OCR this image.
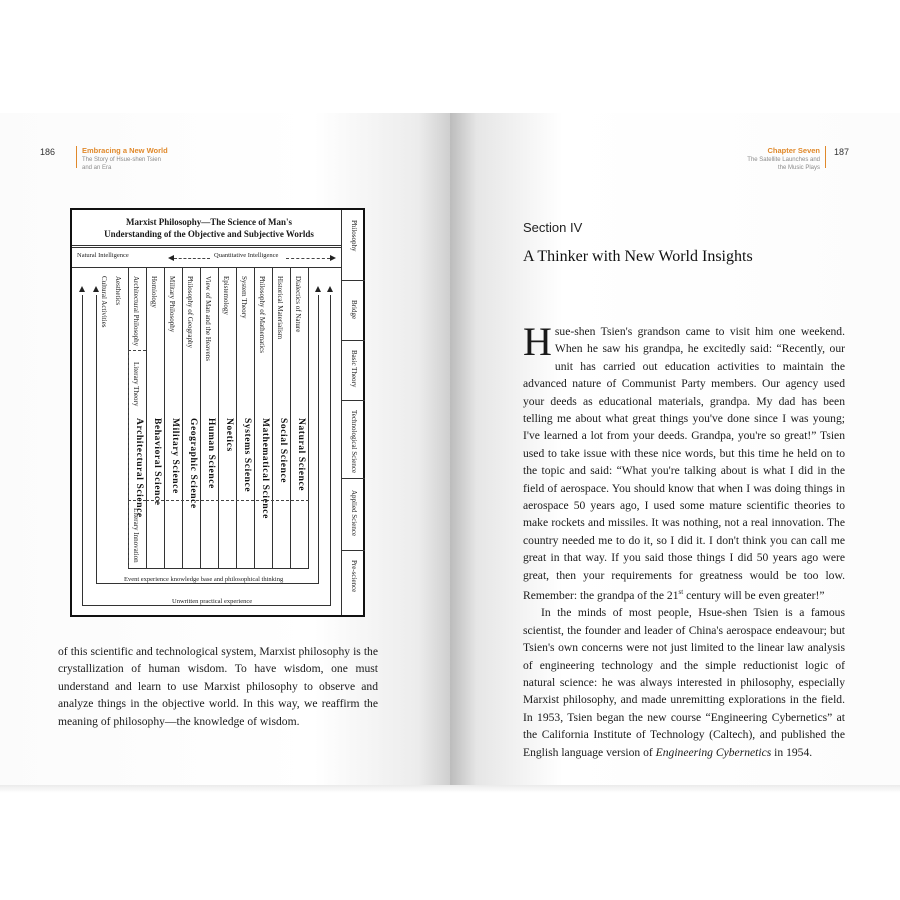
186	Embracing a New World
The Story of Hsue-shen Tsien
and an Era
Chapter Seven
The Satellite Launches and
the Music Plays
187
Marxist Philosophy—The Science of Man's
Understanding of the Objective and Subjective Worlds	Philosophy
Bridge
Basic Theory
Technological Science
Applied Science
Pre-science
Natural Intelligence	Quantitative Intelligence
Dialectics of Nature
Historical Materialism
Philosophy of Mathematics
System Theory
Epistemology
View of Man and the Heavens
Philosophy of Geography
Military Philosophy
Homiology
Architectural Philosophy
Aesthetics
Cultural Activities
Natural Science
Social Science
Mathematical Science
Systems Science
Noetics
Human Science
Geographic Science
Military Science
Behavioral Science
Architectural Science
Literary Theory
Literary Innovation
Event experience knowledge base and philosophical thinking
Unwritten practical experience
of this scientific and technological system, Marxist philosophy is the crystallization of human wisdom. To have wisdom, one must understand and learn to use Marxist philosophy to observe and analyze things in the objective world. In this way, we reaffirm the meaning of philosophy—the knowledge of wisdom.
Section IV
A Thinker with New World Insights

Hsue-shen Tsien's grandson came to visit him one weekend. When he saw his grandpa, he excitedly said: “Recently, our unit has carried out education activities to maintain the advanced nature of Communist Party members. Our agency used your deeds as educational materials, grandpa. My dad has been telling me about what great things you've done since I was young; I've learned a lot from your deeds. Grandpa, you're so great!” Tsien used to take issue with these nice words, but this time he held on to the topic and said: “What you're talking about is what I did in the field of aerospace. You should know that when I was doing things in aerospace 50 years ago, I used some mature scientific theories to make rockets and missiles. It was nothing, not a real innovation. The country needed me to do it, so I did it. I don't think you can call me great in that way. If you said those things I did 50 years ago were great, then your requirements for greatness would be too low. Remember: the grandpa of the 21st century will be even greater!”

In the minds of most people, Hsue-shen Tsien is a famous scientist, the founder and leader of China's aerospace endeavour; but Tsien's own concerns were not just limited to the linear law analysis of engineering technology and the simple reductionist logic of natural science: he was always interested in philosophy, especially Marxist philosophy, and made unremitting explorations in the field. In 1953, Tsien began the new course “Engineering Cybernetics” at the California Institute of Technology (Caltech), and published the English language version of Engineering Cybernetics in 1954.
